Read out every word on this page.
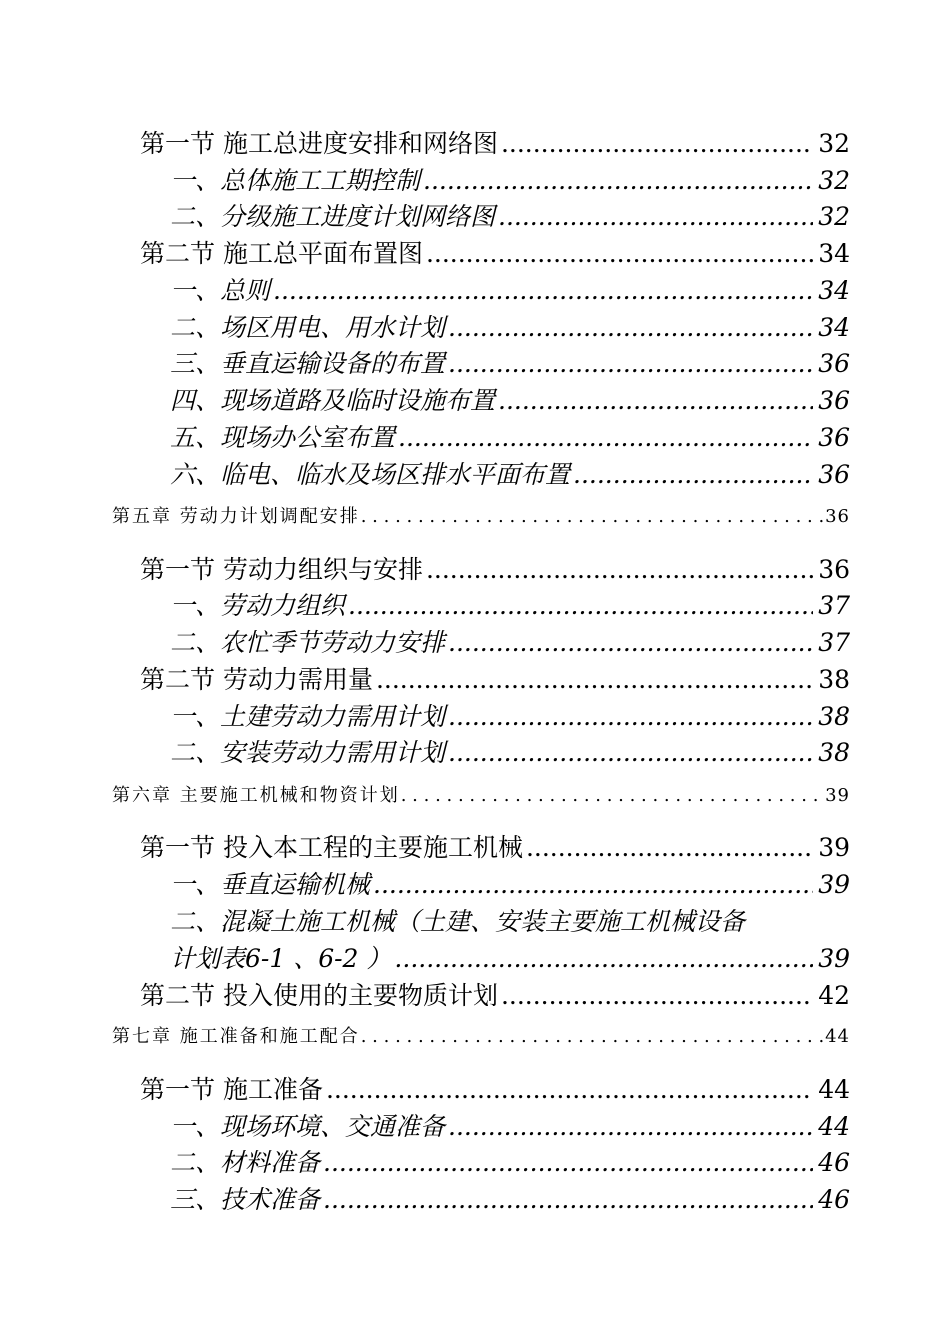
第一节 施工总进度安排和网络图 .....	32
一、总体施工工期控制 .....	32
二、分级施工进度计划网络图 .....	32
第二节 施工总平面布置图 .....	34
一、总则 .....	34
二、场区用电、用水计划 .....	34
三、垂直运输设备的布置 .....	36
四、现场道路及临时设施布置 .....	36
五、现场办公室布置 .....	36
六、临电、临水及场区排水平面布置 .....	36
第五章 劳动力计划调配安排 . . .	36
第一节 劳动力组织与安排 .....	36
一、劳动力组织 .....	37
二、农忙季节劳动力安排 .....	37
第二节 劳动力需用量 .....	38
一、土建劳动力需用计划 .....	38
二、安装劳动力需用计划 .....	38
第六章 主要施工机械和物资计划 . . .	39
第一节 投入本工程的主要施工机械 .....	39
一、垂直运输机械 .....	39
二、混凝土施工机械（土建、安装主要施工机械设备
计划表6-1 、6-2 ） .....	39
第二节 投入使用的主要物质计划 .....	42
第七章 施工准备和施工配合 . . .	44
第一节 施工准备 .....	44
一、现场环境、交通准备 .....	44
二、材料准备 .....	46
三、技术准备 .....	46
